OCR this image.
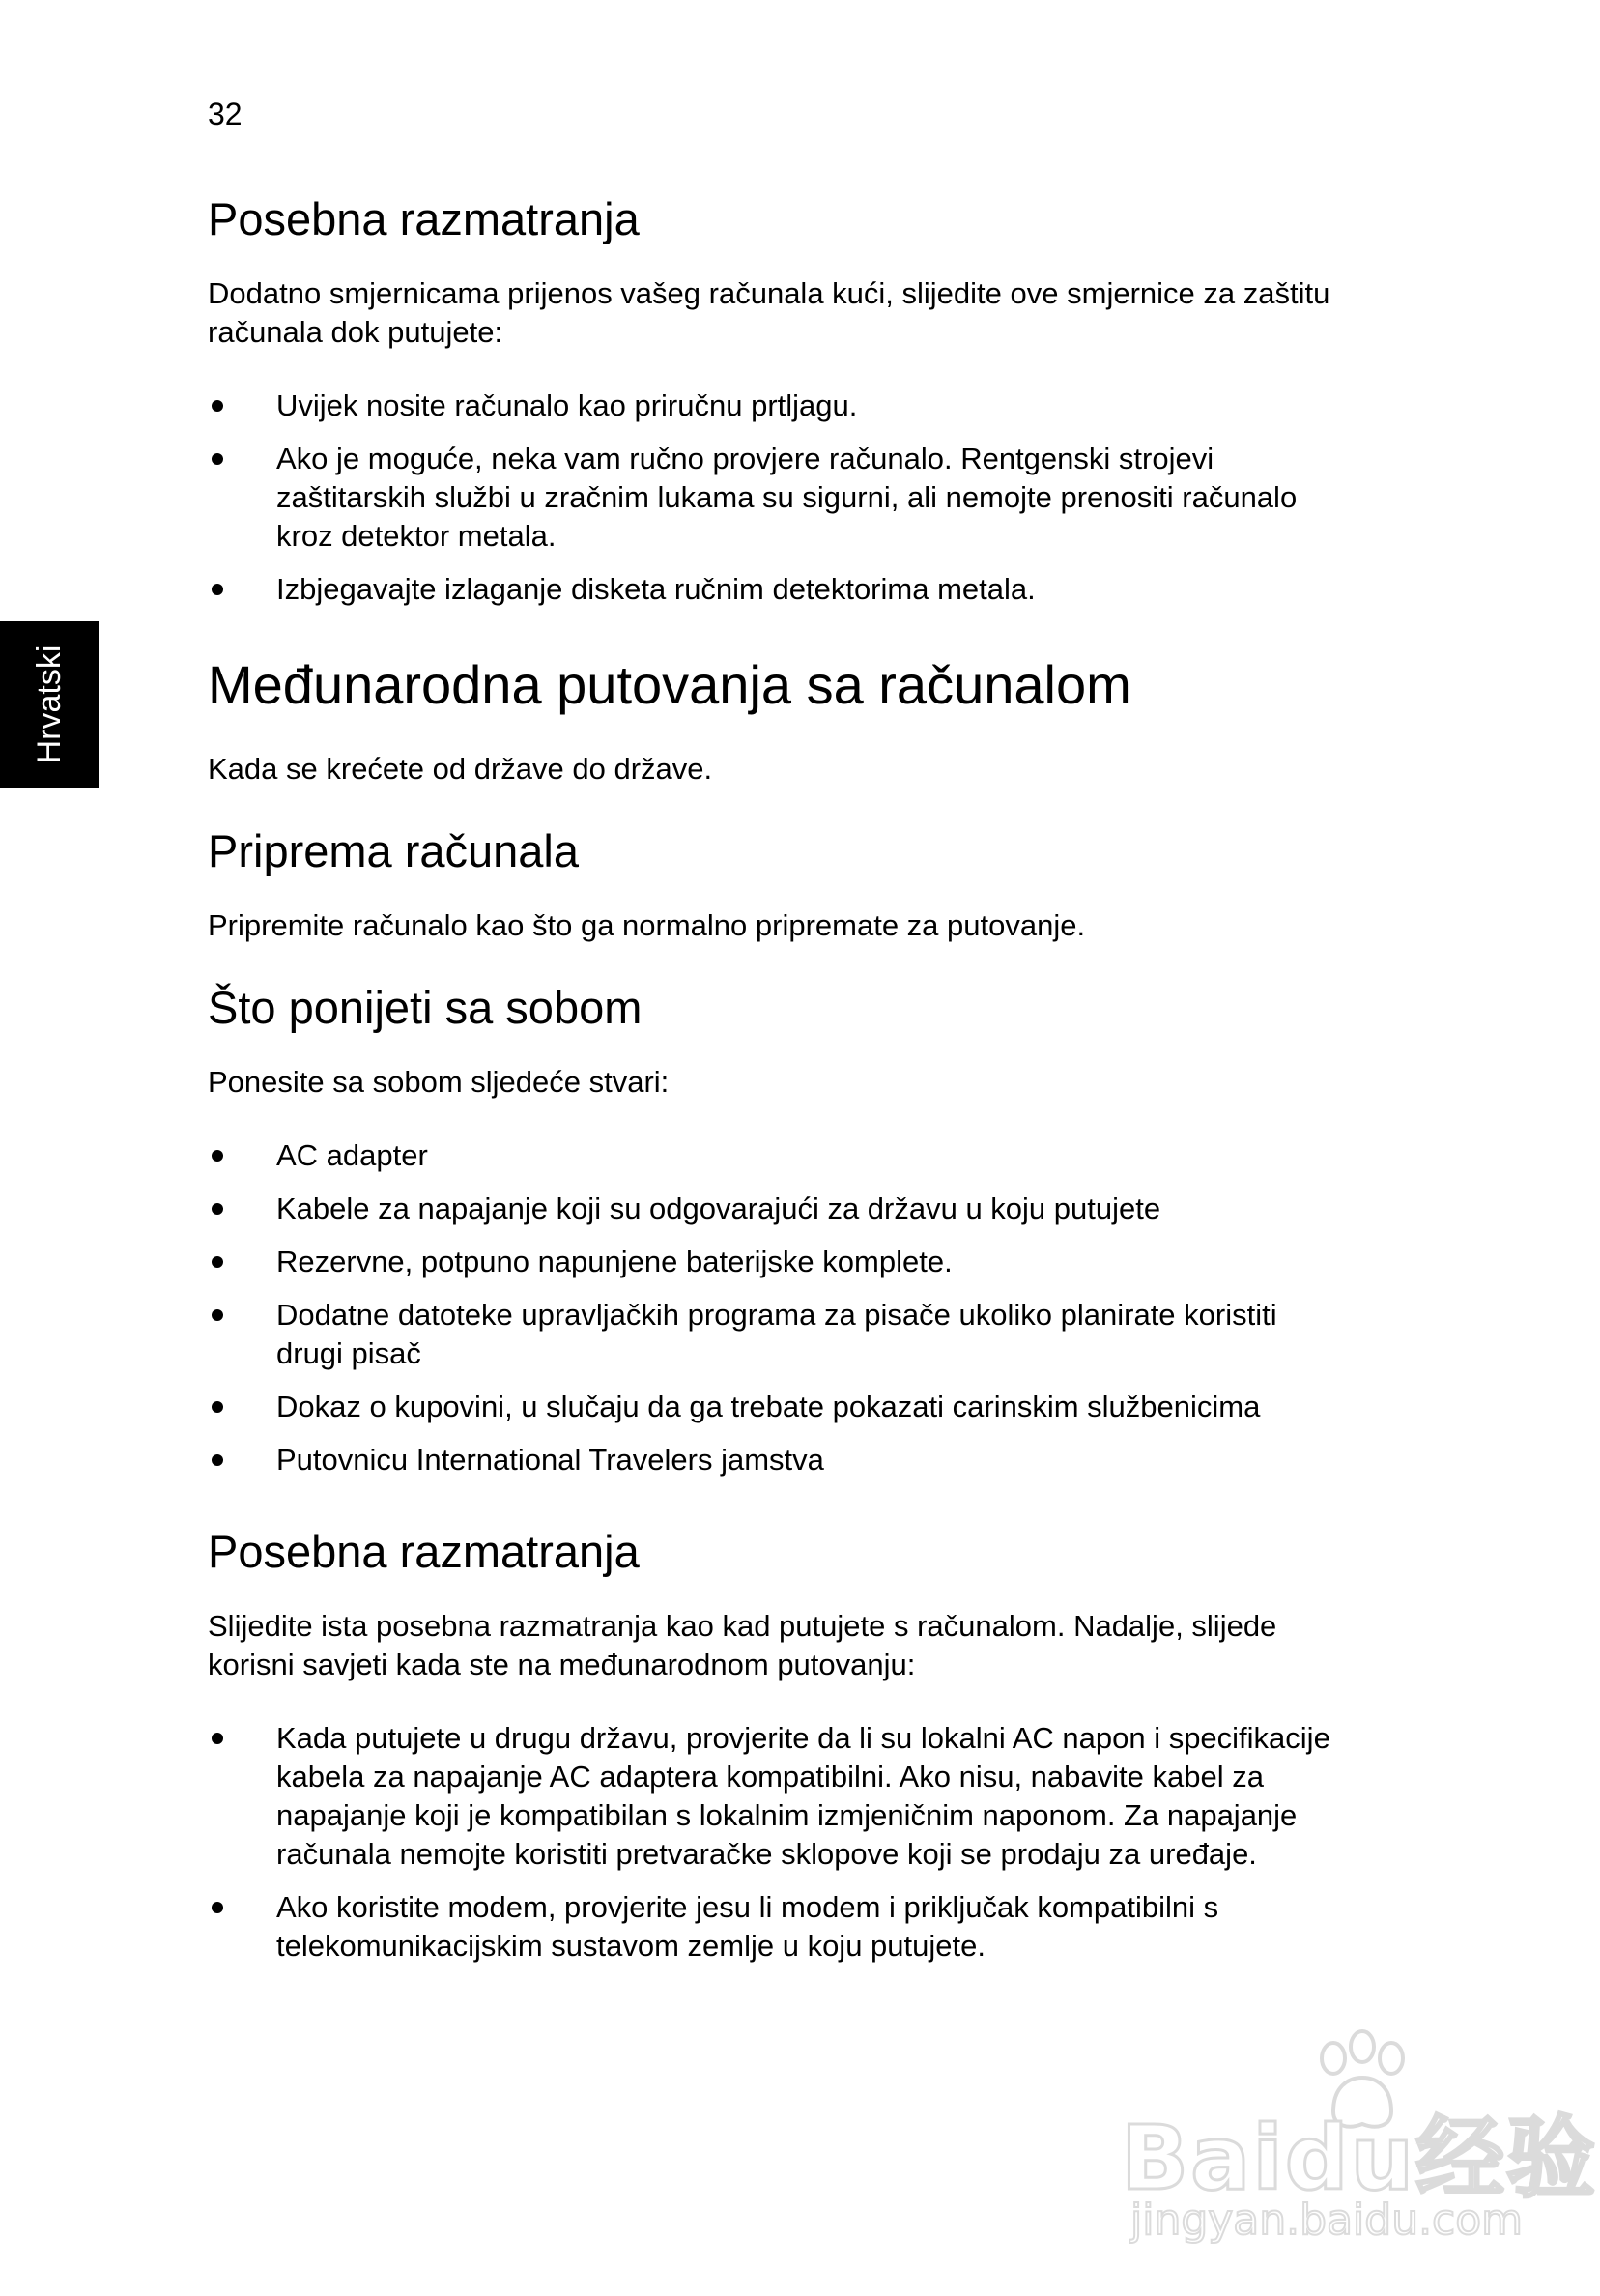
32
Hrvatski
Posebna razmatranja

Dodatno smjernicama prijenos vašeg računala kući, slijedite ove smjernice za zaštitu računala dok putujete:

Uvijek nosite računalo kao priručnu prtljagu.
Ako je moguće, neka vam ručno provjere računalo. Rentgenski strojevi zaštitarskih službi u zračnim lukama su sigurni, ali nemojte prenositi računalo kroz detektor metala.
Izbjegavajte izlaganje disketa ručnim detektorima metala.
Međunarodna putovanja sa računalom

Kada se krećete od države do države.

Priprema računala

Pripremite računalo kao što ga normalno pripremate za putovanje.

Što ponijeti sa sobom

Ponesite sa sobom sljedeće stvari:

AC adapter
Kabele za napajanje koji su odgovarajući za državu u koju putujete
Rezervne, potpuno napunjene baterijske komplete.
Dodatne datoteke upravljačkih programa za pisače ukoliko planirate koristiti drugi pisač
Dokaz o kupovini, u slučaju da ga trebate pokazati carinskim službenicima
Putovnicu International Travelers jamstva
Posebna razmatranja

Slijedite ista posebna razmatranja kao kad putujete s računalom. Nadalje, slijede korisni savjeti kada ste na međunarodnom putovanju:

Kada putujete u drugu državu, provjerite da li su lokalni AC napon i specifikacije kabela za napajanje AC adaptera kompatibilni. Ako nisu, nabavite kabel za napajanje koji je kompatibilan s lokalnim izmjeničnim naponom. Za napajanje računala nemojte koristiti pretvaračke sklopove koji se prodaju za uređaje.
Ako koristite modem, provjerite jesu li modem i priključak kompatibilni s telekomunikacijskim sustavom zemlje u koju putujete.
Baidu经验
jingyan.baidu.com
